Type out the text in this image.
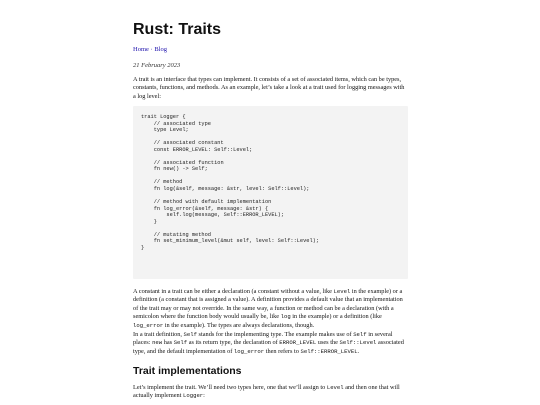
Rust: Traits
Home · Blog
21 February 2023

A trait is an interface that types can implement. It consists of a set of associated items, which can be types, constants, functions, and methods. As an example, let’s take a look at a trait used for logging messages with a log level:

trait Logger {
// associated type
type Level;

// associated constant
const ERROR_LEVEL: Self::Level;

// associated function
fn new() -> Self;

// method
fn log(&self, message: &str, level: Self::Level);

// method with default implementation
fn log_error(&self, message: &str) {
self.log(message, Self::ERROR_LEVEL);
}

// mutating method
fn set_minimum_level(&mut self, level: Self::Level);
}

A constant in a trait can be either a declaration (a constant without a value, like Level in the example) or a definition (a constant that is assigned a value). A definition provides a default value that an implementation of the trait may or may not override. In the same way, a function or method can be a declaration (with a semicolon where the function body would usually be, like log in the example) or a definition (like log_error in the example). The types are always declarations, though.

In a trait definition, Self stands for the implementing type. The example makes use of Self in several places: new has Self as its return type, the declaration of ERROR_LEVEL uses the Self::Level associated type, and the default implementation of log_error then refers to Self::ERROR_LEVEL.

Trait implementations

Let’s implement the trait. We’ll need two types here, one that we’ll assign to Level and then one that will actually implement Logger:
